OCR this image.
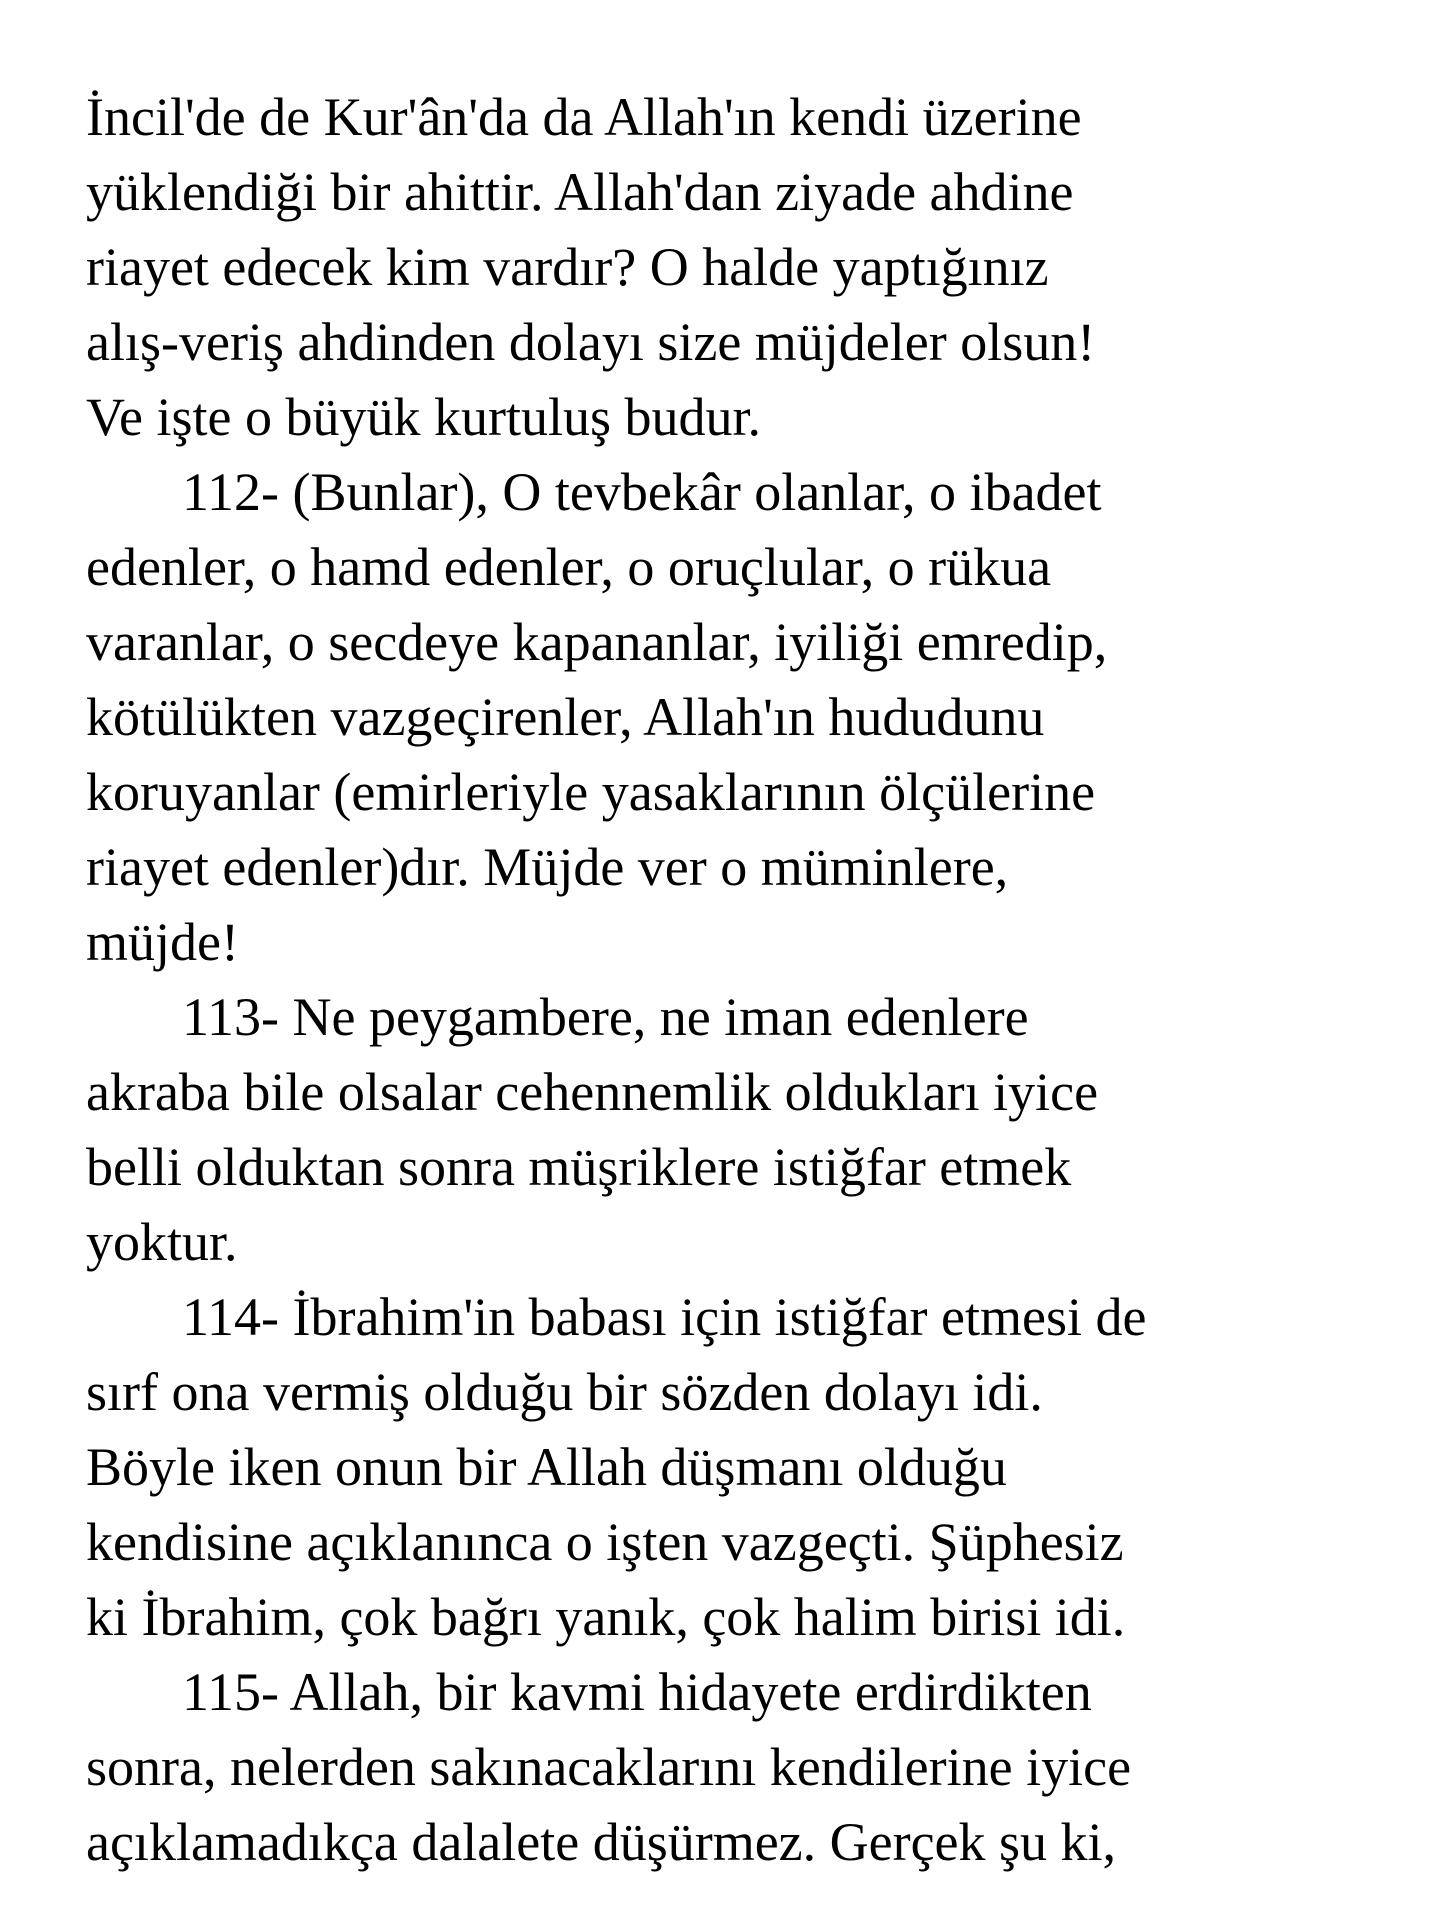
İncil'de de Kur'ân'da da Allah'ın kendi üzerine
yüklendiği bir ahittir. Allah'dan ziyade ahdine
riayet edecek kim vardır? O halde yaptığınız
alış-veriş ahdinden dolayı size müjdeler olsun!
Ve işte o büyük kurtuluş budur.
112- (Bunlar), O tevbekâr olanlar, o ibadet
edenler, o hamd edenler, o oruçlular, o rükua
varanlar, o secdeye kapananlar, iyiliği emredip,
kötülükten vazgeçirenler, Allah'ın hududunu
koruyanlar (emirleriyle yasaklarının ölçülerine
riayet edenler)dır. Müjde ver o müminlere,
müjde!
113- Ne peygambere, ne iman edenlere
akraba bile olsalar cehennemlik oldukları iyice
belli olduktan sonra müşriklere istiğfar etmek
yoktur.
114- İbrahim'in babası için istiğfar etmesi de
sırf ona vermiş olduğu bir sözden dolayı idi.
Böyle iken onun bir Allah düşmanı olduğu
kendisine açıklanınca o işten vazgeçti. Şüphesiz
ki İbrahim, çok bağrı yanık, çok halim birisi idi.
115- Allah, bir kavmi hidayete erdirdikten
sonra, nelerden sakınacaklarını kendilerine iyice
açıklamadıkça dalalete düşürmez. Gerçek şu ki,
